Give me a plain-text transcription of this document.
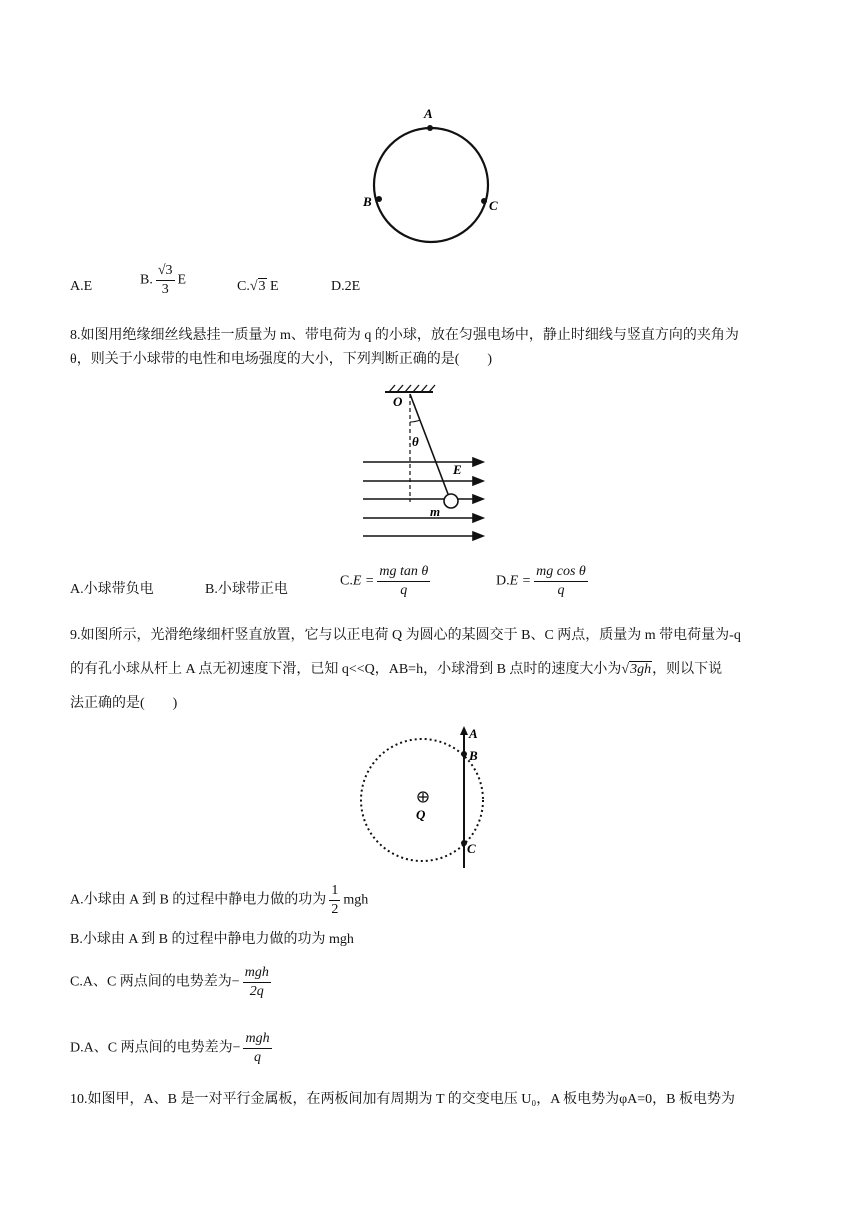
A
B	C
A.E	B. $\frac{√3}{3}$ E	C.√3 E	D.2E
8.如图用绝缘细丝线悬挂一质量为 m、带电荷为 q 的小球，放在匀强电场中，静止时细线与竖直方向的夹角为
θ，则关于小球带的电性和电场强度的大小，下列判断正确的是(　　)
O
θ
E
m
A.小球带负电	B.小球带正电
$C.E = \frac{\text{mg tan θ}}{q}$	$D.E = \frac{\text{mg cos θ}}{q}$
9.如图所示，光滑绝缘细杆竖直放置，它与以正电荷 Q 为圆心的某圆交于 B、C 两点，质量为 m 带电荷量为-q
的有孔小球从杆上 A 点无初速度下滑，已知 q<<Q，AB=h，小球滑到 B 点时的速度大小为√3gh，则以下说
法正确的是(　　)
A
B
C
Q
A.小球由 A 到 B 的过程中静电力做的功为 $\frac{1}{2}$ mgh
B.小球由 A 到 B 的过程中静电力做的功为 mgh
C.A、C 两点间的电势差为− $\frac{\text{mgh}}{2q}$
D.A、C 两点间的电势差为− $\frac{\text{mgh}}{q}$
10.如图甲，A、B 是一对平行金属板，在两板间加有周期为 T 的交变电压 U₀，A 板电势为φA=0，B 板电势为
